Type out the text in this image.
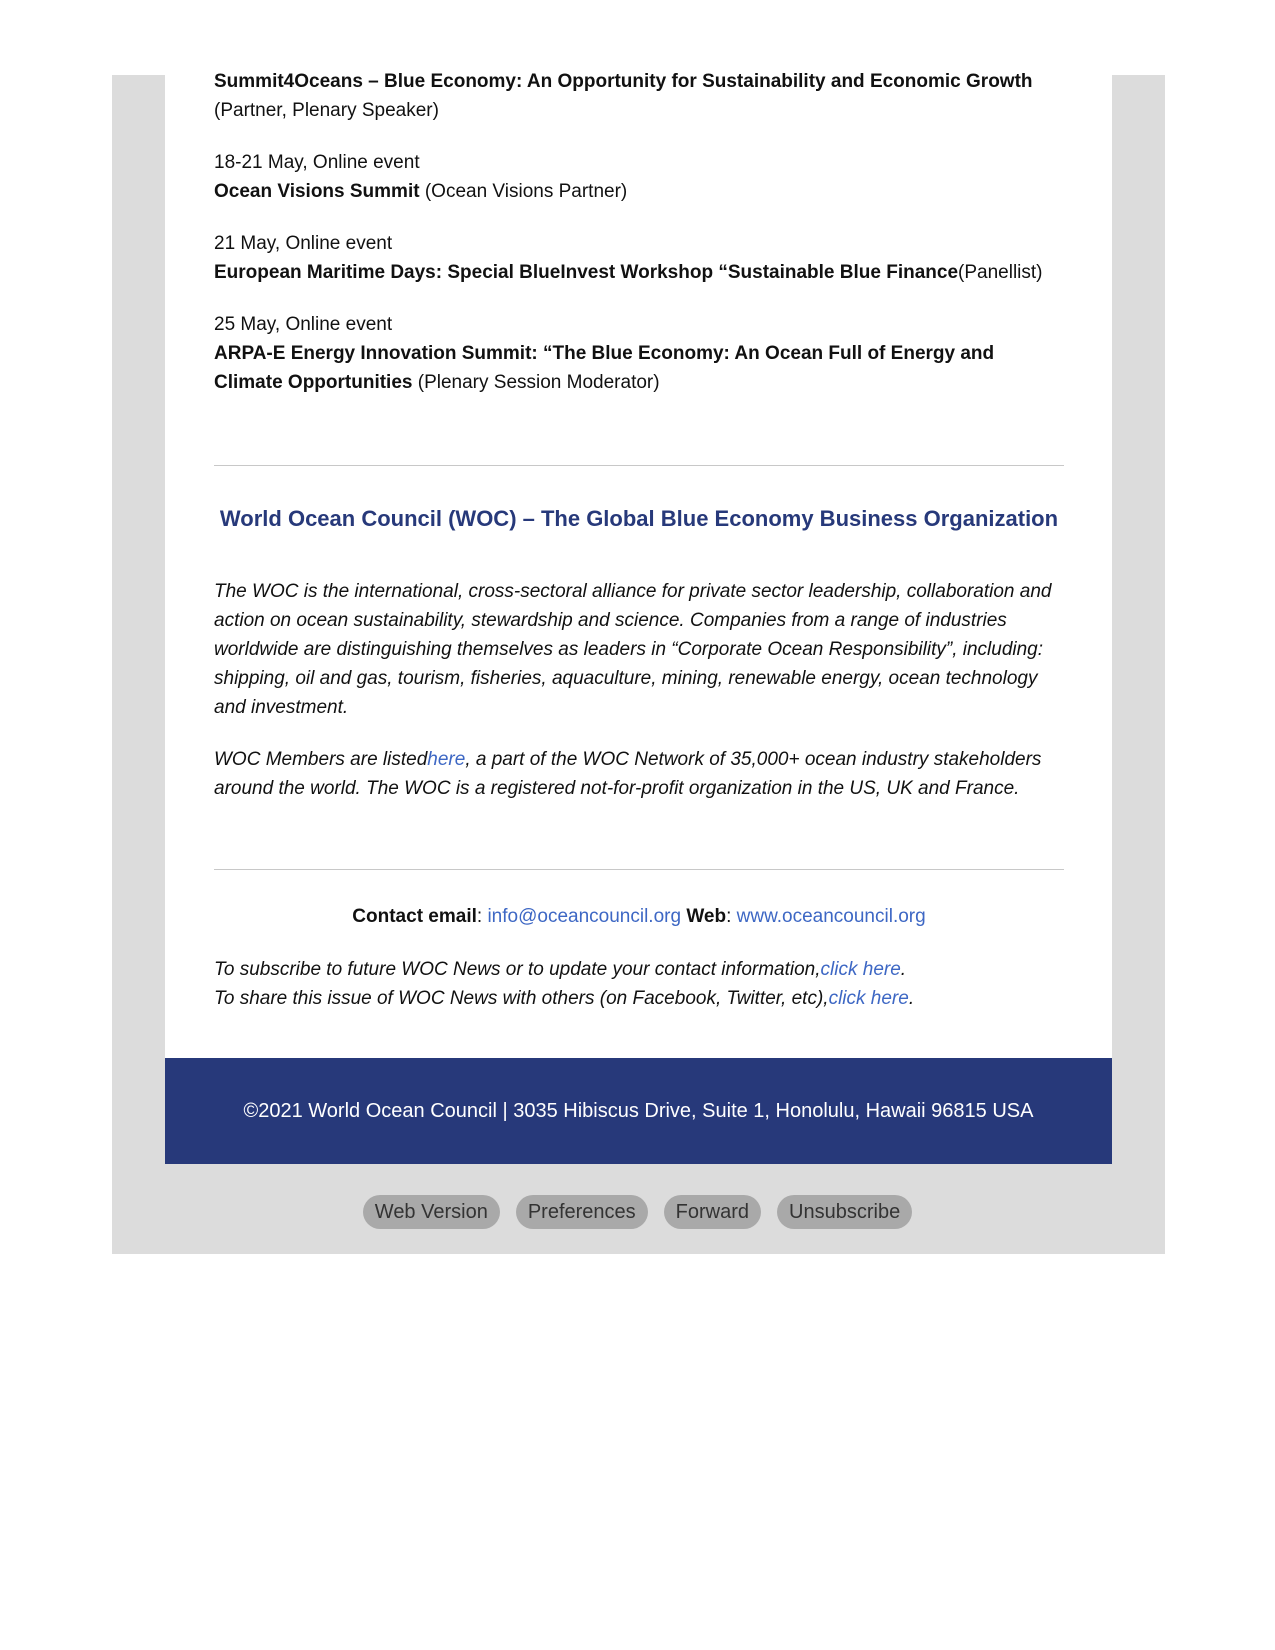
Summit4Oceans – Blue Economy: An Opportunity for Sustainability and Economic Growth
(Partner, Plenary Speaker)
18-21 May, Online event
Ocean Visions Summit (Ocean Visions Partner)
21 May, Online event
European Maritime Days: Special BlueInvest Workshop “Sustainable Blue Finance(Panellist)
25 May, Online event
ARPA-E Energy Innovation Summit: “The Blue Economy: An Ocean Full of Energy and Climate Opportunities (Plenary Session Moderator)
World Ocean Council (WOC) – The Global Blue Economy Business Organization

The WOC is the international, cross-sectoral alliance for private sector leadership, collaboration and action on ocean sustainability, stewardship and science. Companies from a range of industries worldwide are distinguishing themselves as leaders in “Corporate Ocean Responsibility”, including: shipping, oil and gas, tourism, fisheries, aquaculture, mining, renewable energy, ocean technology and investment.

WOC Members are listedhere, a part of the WOC Network of 35,000+ ocean industry stakeholders around the world. The WOC is a registered not-for-profit organization in the US, UK and France.

Contact email: info@oceancouncil.org Web: www.oceancouncil.org
To subscribe to future WOC News or to update your contact information,click here.
To share this issue of WOC News with others (on Facebook, Twitter, etc),click here.
©2021 World Ocean Council | 3035 Hibiscus Drive, Suite 1, Honolulu, Hawaii 96815 USA
Web Version Preferences Forward Unsubscribe
